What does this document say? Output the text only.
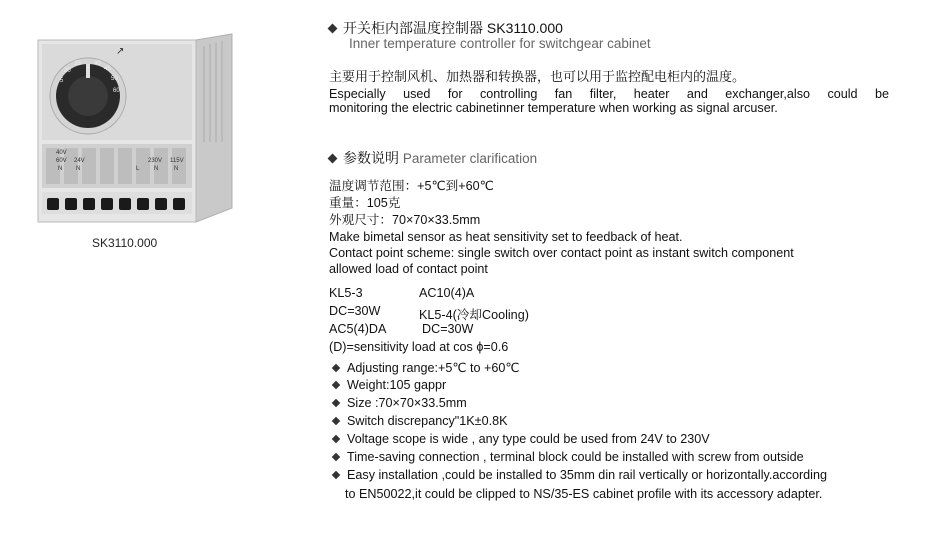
↗
5
20
35 40
45
50
60
40V
60V
N
24V
N	L
230V 115V
N	N
SK3110.000
开关柜内部温度控制器 SK3110.000
Inner temperature controller for switchgear cabinet
主要用于控制风机、加热器和转换器，也可以用于监控配电柜内的温度。
Especially used for controlling fan filter, heater and exchanger,also could be
monitoring the electric cabinetinner temperature when working as signal arcuser.
参数说明 Parameter clarification
温度调节范围：+5℃到+60℃
重量：105克
外观尺寸：70×70×33.5mm
Make bimetal sensor as heat sensitivity set to feedback of heat.
Contact point scheme: single switch over contact point as instant switch component
allowed load of contact point
KL5-3	AC10(4)A
DC=30W	KL5-4(冷却Cooling)
AC5(4)DA	DC=30W
(D)=sensitivity load at cos ϕ=0.6
Adjusting range:+5℃ to +60℃
Weight:105 gappr
Size :70×70×33.5mm
Switch discrepancy"1K±0.8K
Voltage scope is wide , any type could be used from 24V to 230V
Time-saving connection , terminal block could be installed with screw from outside
Easy installation ,could be installed to 35mm din rail vertically or horizontally.according
to EN50022,it could be clipped to NS/35-ES cabinet profile with its accessory adapter.
